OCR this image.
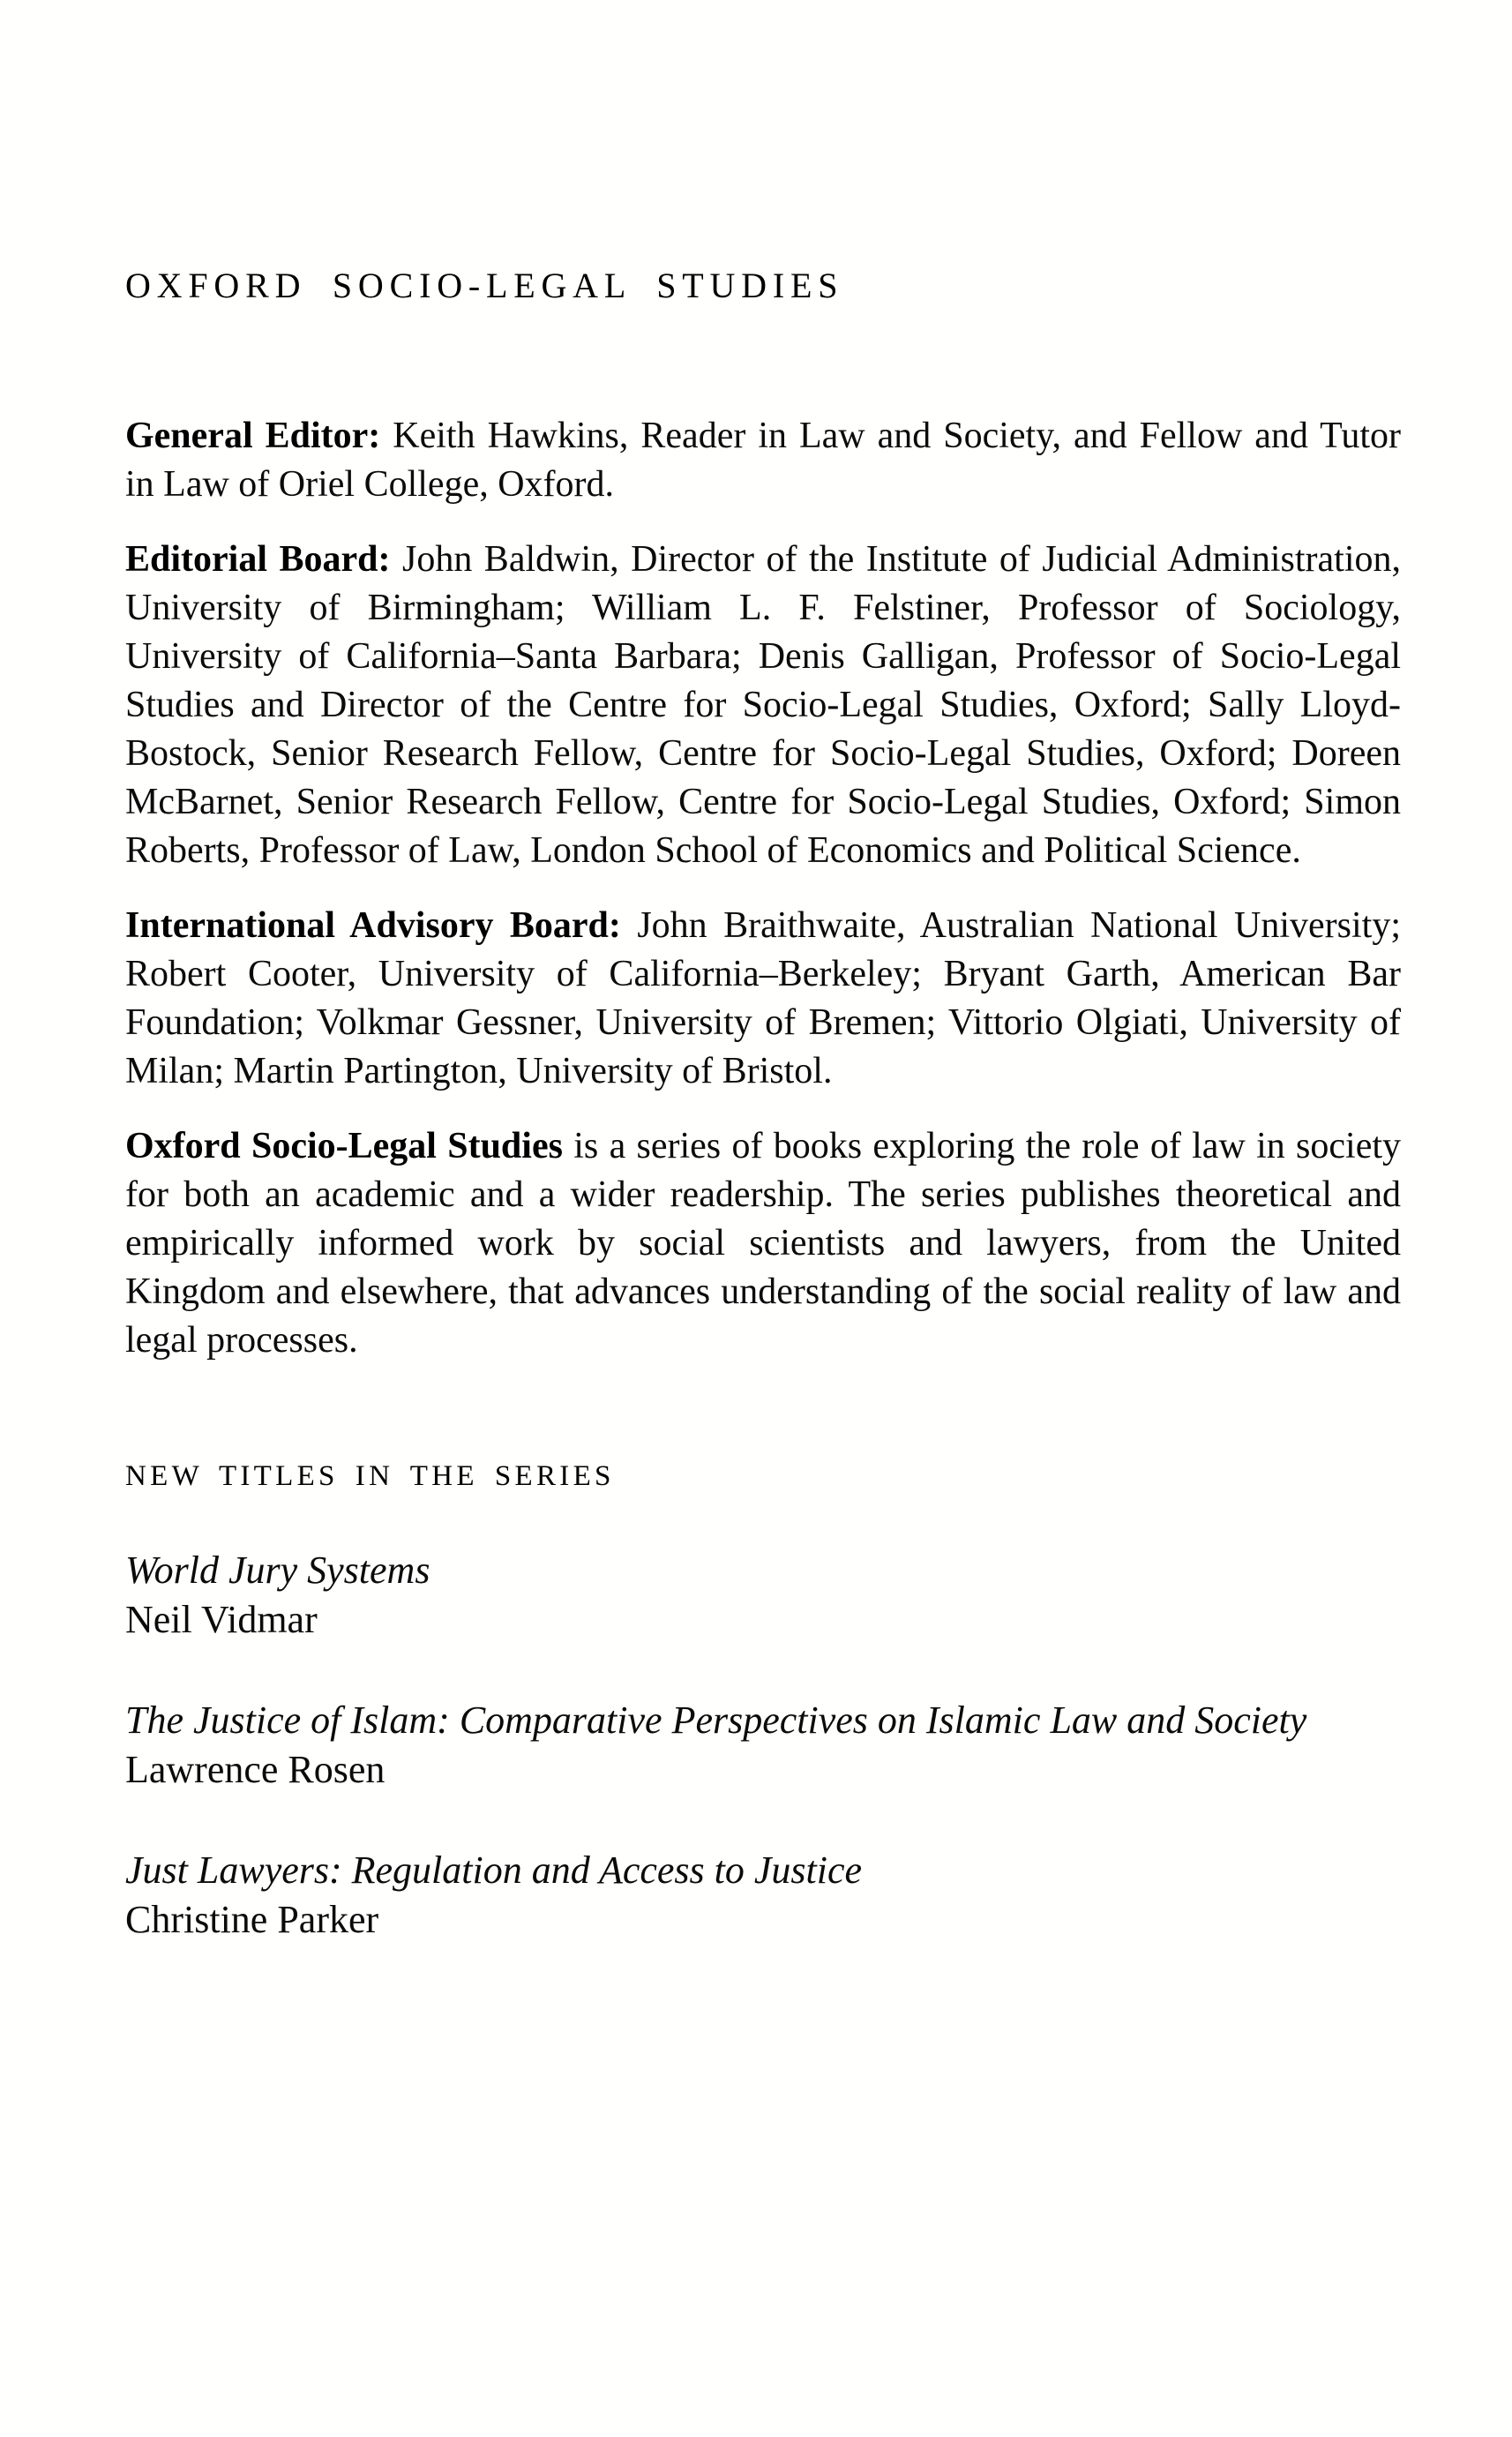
OXFORD SOCIO-LEGAL STUDIES

General Editor: Keith Hawkins, Reader in Law and Society, and Fellow and Tutor in Law of Oriel College, Oxford.

Editorial Board: John Baldwin, Director of the Institute of Judicial Administration, University of Birmingham; William L. F. Felstiner, Professor of Sociology, University of California–Santa Barbara; Denis Galligan, Professor of Socio-Legal Studies and Director of the Centre for Socio-Legal Studies, Oxford; Sally Lloyd-Bostock, Senior Research Fellow, Centre for Socio-Legal Studies, Oxford; Doreen McBarnet, Senior Research Fellow, Centre for Socio-Legal Studies, Oxford; Simon Roberts, Professor of Law, London School of Economics and Political Science.

International Advisory Board: John Braithwaite, Australian National University; Robert Cooter, University of California–Berkeley; Bryant Garth, American Bar Foundation; Volkmar Gessner, University of Bremen; Vittorio Olgiati, University of Milan; Martin Partington, University of Bristol.

Oxford Socio-Legal Studies is a series of books exploring the role of law in society for both an academic and a wider readership. The series publishes theoretical and empirically informed work by social scientists and lawyers, from the United Kingdom and elsewhere, that advances understanding of the social reality of law and legal processes.

NEW TITLES IN THE SERIES
World Jury Systems
Neil Vidmar
The Justice of Islam: Comparative Perspectives on Islamic Law and Society
Lawrence Rosen
Just Lawyers: Regulation and Access to Justice
Christine Parker
